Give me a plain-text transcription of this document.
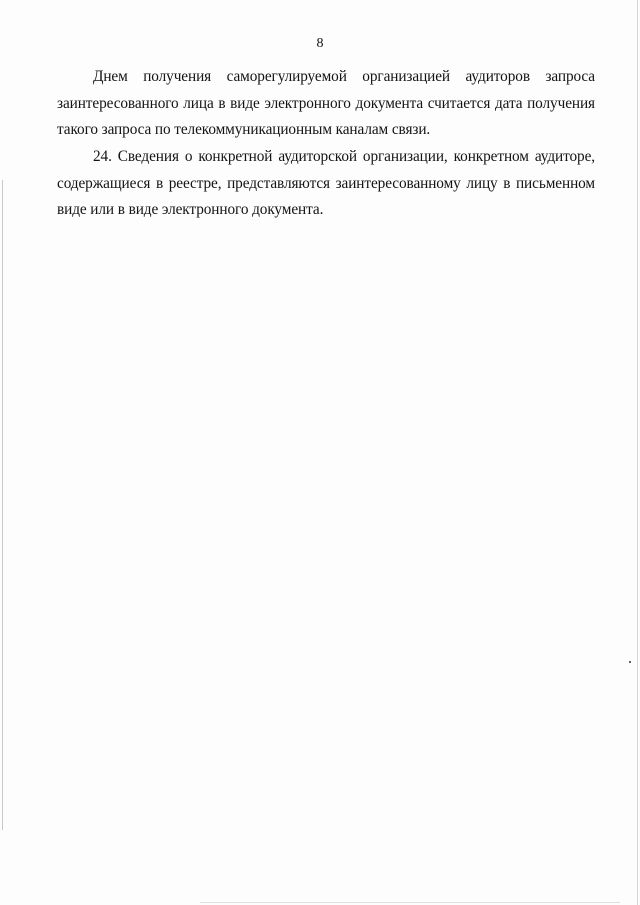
8
Днем получения саморегулируемой организацией аудиторов запроса
заинтересованного лица в виде электронного документа считается дата получения
такого запроса по телекоммуникационным каналам связи.
24. Сведения о конкретной аудиторской организации, конкретном аудиторе,
содержащиеся в реестре, представляются заинтересованному лицу в письменном
виде или в виде электронного документа.
